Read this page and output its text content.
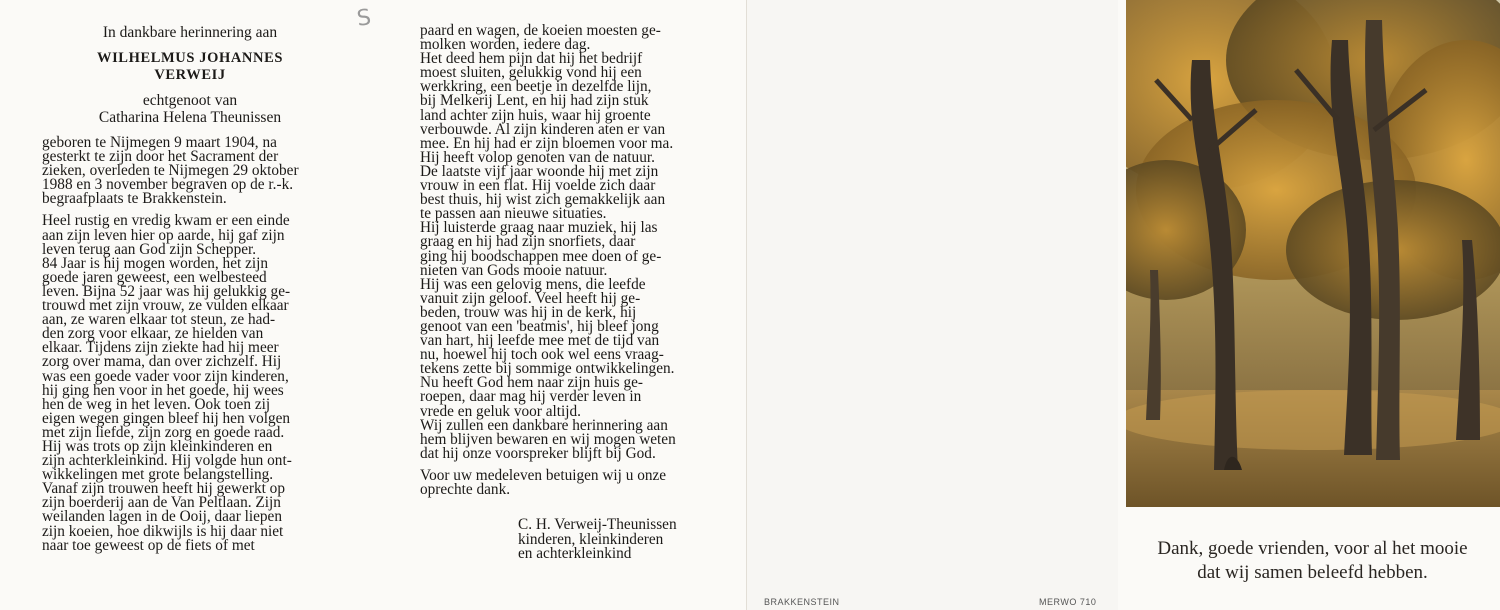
S
In dankbare herinnering aan
WILHELMUS JOHANNES
VERWEIJ
echtgenoot van
Catharina Helena Theunissen
geboren te Nijmegen 9 maart 1904, na
gesterkt te zijn door het Sacrament der
zieken, overleden te Nijmegen 29 oktober
1988 en 3 november begraven op de r.-k.
begraafplaats te Brakkenstein.
Heel rustig en vredig kwam er een einde
aan zijn leven hier op aarde, hij gaf zijn
leven terug aan God zijn Schepper.
84 Jaar is hij mogen worden, het zijn
goede jaren geweest, een welbesteed
leven. Bijna 52 jaar was hij gelukkig ge-
trouwd met zijn vrouw, ze vulden elkaar
aan, ze waren elkaar tot steun, ze had-
den zorg voor elkaar, ze hielden van
elkaar. Tijdens zijn ziekte had hij meer
zorg over mama, dan over zichzelf. Hij
was een goede vader voor zijn kinderen,
hij ging hen voor in het goede, hij wees
hen de weg in het leven. Ook toen zij
eigen wegen gingen bleef hij hen volgen
met zijn liefde, zijn zorg en goede raad.
Hij was trots op zijn kleinkinderen en
zijn achterkleinkind. Hij volgde hun ont-
wikkelingen met grote belangstelling.
Vanaf zijn trouwen heeft hij gewerkt op
zijn boerderij aan de Van Peltlaan. Zijn
weilanden lagen in de Ooij, daar liepen
zijn koeien, hoe dikwijls is hij daar niet
naar toe geweest op de fiets of met
paard en wagen, de koeien moesten ge-
molken worden, iedere dag.
Het deed hem pijn dat hij het bedrijf
moest sluiten, gelukkig vond hij een
werkkring, een beetje in dezelfde lijn,
bij Melkerij Lent, en hij had zijn stuk
land achter zijn huis, waar hij groente
verbouwde. Al zijn kinderen aten er van
mee. En hij had er zijn bloemen voor ma.
Hij heeft volop genoten van de natuur.
De laatste vijf jaar woonde hij met zijn
vrouw in een flat. Hij voelde zich daar
best thuis, hij wist zich gemakkelijk aan
te passen aan nieuwe situaties.
Hij luisterde graag naar muziek, hij las
graag en hij had zijn snorfiets, daar
ging hij boodschappen mee doen of ge-
nieten van Gods mooie natuur.
Hij was een gelovig mens, die leefde
vanuit zijn geloof. Veel heeft hij ge-
beden, trouw was hij in de kerk, hij
genoot van een 'beatmis', hij bleef jong
van hart, hij leefde mee met de tijd van
nu, hoewel hij toch ook wel eens vraag-
tekens zette bij sommige ontwikkelingen.
Nu heeft God hem naar zijn huis ge-
roepen, daar mag hij verder leven in
vrede en geluk voor altijd.
Wij zullen een dankbare herinnering aan
hem blijven bewaren en wij mogen weten
dat hij onze voorspreker blijft bij God.
Voor uw medeleven betuigen wij u onze
oprechte dank.
C. H. Verweij-Theunissen
kinderen, kleinkinderen
en achterkleinkind	Dank, goede vrienden, voor al het mooie
dat wij samen beleefd hebben.
BRAKKENSTEIN	MERWO 710
